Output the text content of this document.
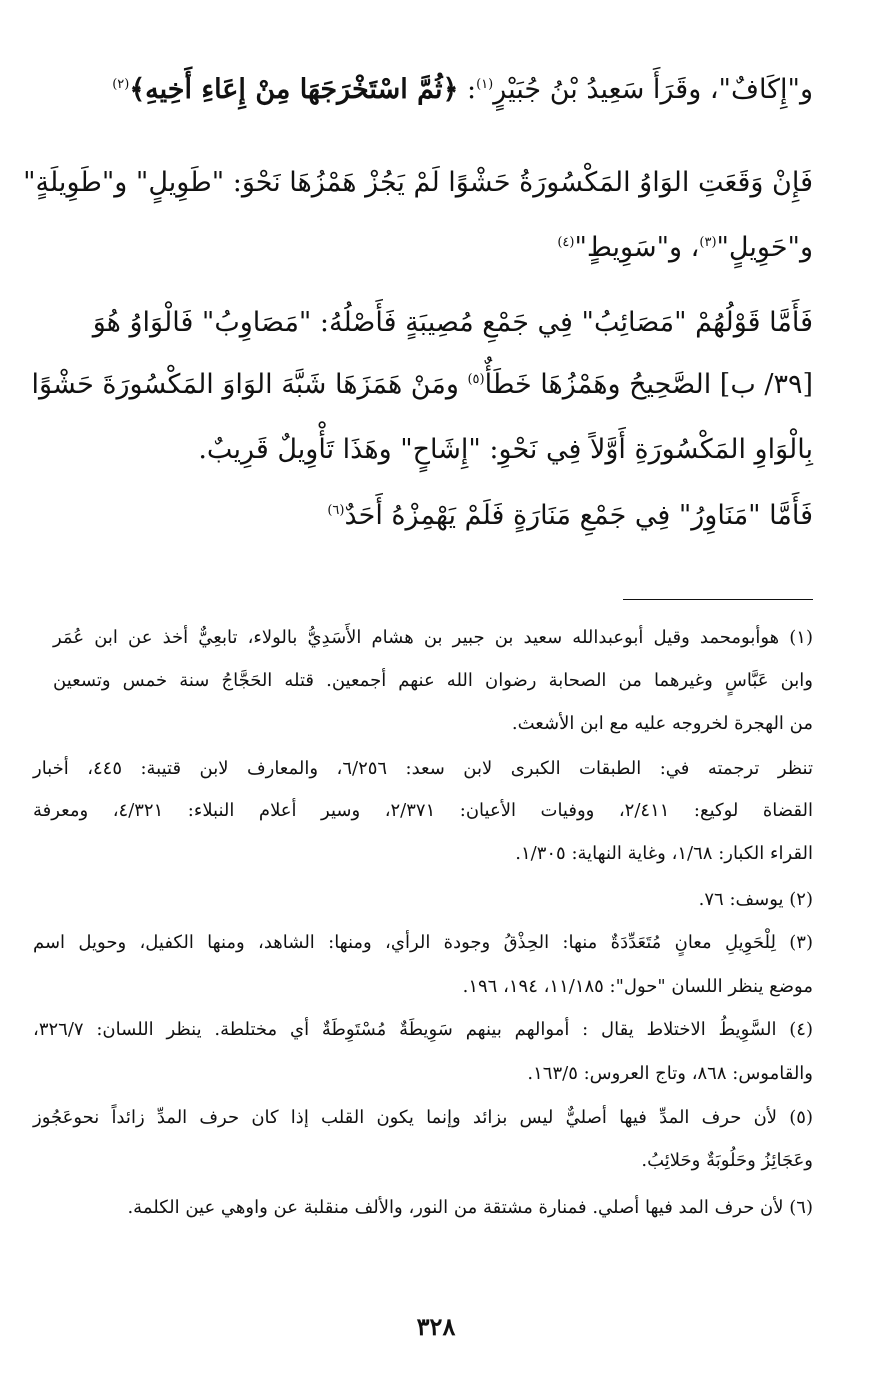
و"إِكَافٌ"، وقَرَأَ سَعِيدُ بْنُ جُبَيْرٍ$^{(١)}$: ﴿ثُمَّ اسْتَخْرَجَهَا مِنْ إِعَاءِ أَخِيهِ﴾$^{(٢)}$
فَإِنْ وَقَعَتِ الوَاوُ المَكْسُورَةُ حَشْوًا لَمْ يَجُزْ هَمْزُهَا نَحْوَ: "طَوِيلٍ" و"طَوِيلَةٍ"
و"حَوِيلٍ"$^{(٣)}$، و"سَوِيطٍ"$^{(٤)}$
فَأَمَّا قَوْلُهُمْ "مَصَائِبُ" فِي جَمْعِ مُصِيبَةٍ فَأَصْلُهُ: "مَصَاوِبُ" فَالْوَاوُ هُوَ
[٣٩/ ب] الصَّحِيحُ وهَمْزُهَا خَطَأٌ$^{(٥)}$ ومَنْ هَمَزَهَا شَبَّهَ الوَاوَ المَكْسُورَةَ حَشْوًا
بِالْوَاوِ المَكْسُورَةِ أَوَّلاً فِي نَحْوِ: "إِشَاحٍ" وهَذَا تَأْوِيلٌ قَرِيبٌ.
فَأَمَّا "مَنَاوِرُ" فِي جَمْعِ مَنَارَةٍ فَلَمْ يَهْمِزْهُ أَحَدٌ$^{(٦)}$
(١) هوأبومحمد وقيل أبوعبدالله سعيد بن جبير بن هشام الأَسَدِيُّ بالولاء، تابعِيٌّ أخذ عن ابن عُمَر
وابن عَبَّاسٍ وغيرهما من الصحابة رضوان الله عنهم أجمعين. قتله الحَجَّاجُ سنة خمس وتسعين
من الهجرة لخروجه عليه مع ابن الأشعث.
تنظر ترجمته في: الطبقات الكبرى لابن سعد: ٦/٢٥٦، والمعارف لابن قتيبة: ٤٤٥، أخبار
القضاة لوكيع: ٢/٤١١، ووفيات الأعيان: ٢/٣٧١، وسير أعلام النبلاء: ٤/٣٢١، ومعرفة
القراء الكبار: ١/٦٨، وغاية النهاية: ١/٣٠٥.
(٢) يوسف: ٧٦.
(٣) لِلْحَوِيلِ معانٍ مُتَعَدِّدَةٌ منها: الحِذْقُ وجودة الرأي، ومنها: الشاهد، ومنها الكفيل، وحويل اسم
موضع ينظر اللسان "حول": ١١/١٨٥، ١٩٤، ١٩٦.
(٤) السَّوِيطُ الاختلاط يقال : أموالهم بينهم سَوِيطَةٌ مُسْتَوِطَةٌ أي مختلطة. ينظر اللسان: ٣٢٦/٧،
والقاموس: ٨٦٨، وتاج العروس: ١٦٣/٥.
(٥) لأن حرف المدِّ فيها أصليٌّ ليس بزائد وإنما يكون القلب إذا كان حرف المدِّ زائداً نحوعَجُوز
وعَجَائِزُ وحَلُوبَةٌ وحَلائِبُ.
(٦) لأن حرف المد فيها أصلي. فمنارة مشتقة من النور، والألف منقلبة عن واوهي عين الكلمة.
٣٢٨
